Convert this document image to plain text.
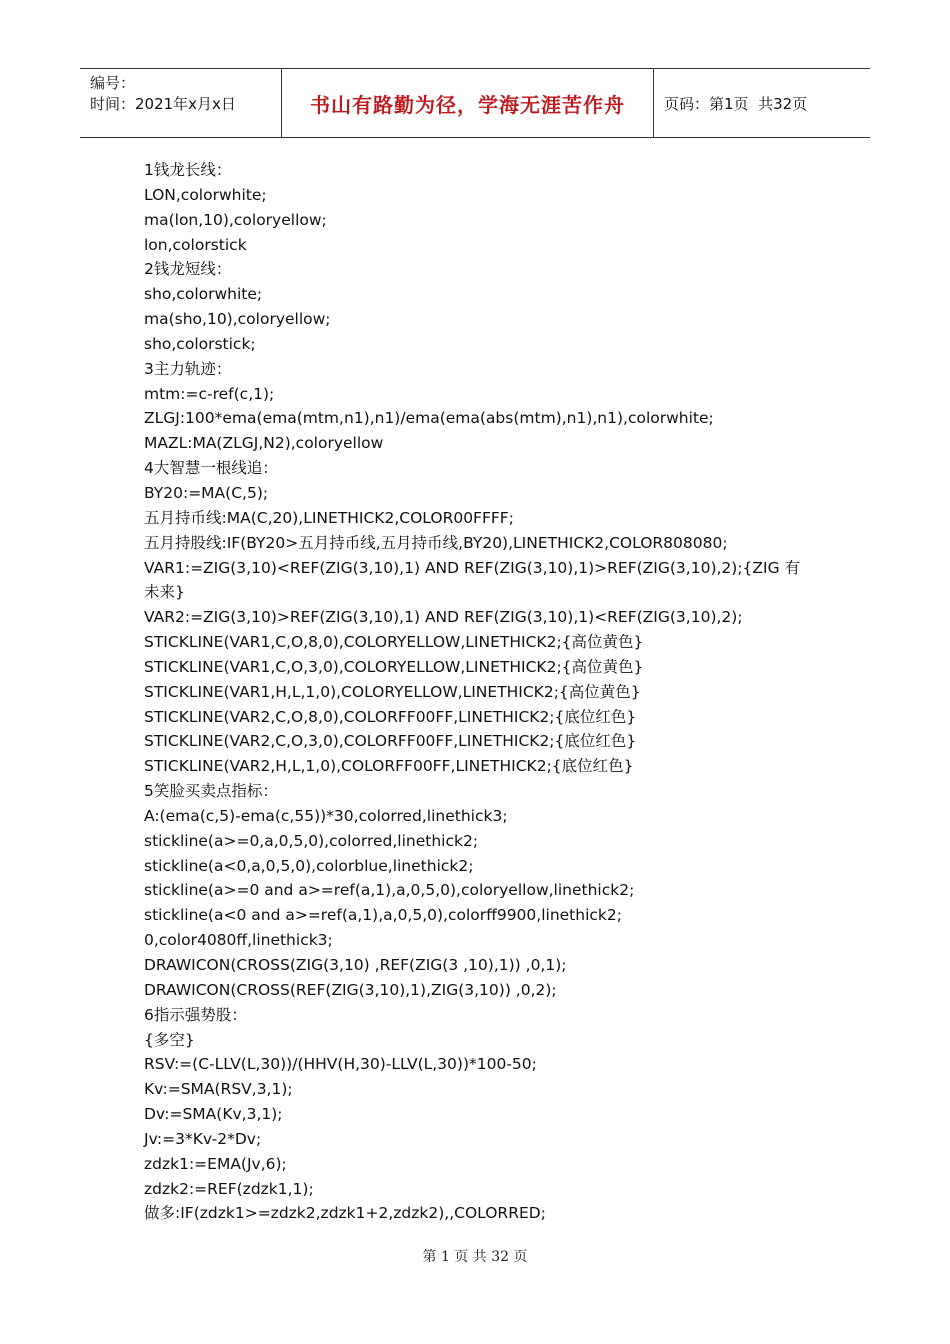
编号：
时间：2021年x月x日	书山有路勤为径，学海无涯苦作舟	页码：第1页  共32页
1钱龙长线：
LON,colorwhite;
ma(lon,10),coloryellow;
lon,colorstick
2钱龙短线：
sho,colorwhite;
ma(sho,10),coloryellow;
sho,colorstick;
3主力轨迹：
mtm:=c-ref(c,1);
ZLGJ:100*ema(ema(mtm,n1),n1)/ema(ema(abs(mtm),n1),n1),colorwhite;
MAZL:MA(ZLGJ,N2),coloryellow
4大智慧一根线追：
BY20:=MA(C,5);
五月持币线:MA(C,20),LINETHICK2,COLOR00FFFF;
五月持股线:IF(BY20>五月持币线,五月持币线,BY20),LINETHICK2,COLOR808080;
VAR1:=ZIG(3,10)<REF(ZIG(3,10),1) AND REF(ZIG(3,10),1)>REF(ZIG(3,10),2);{ZIG 有未来}
VAR2:=ZIG(3,10)>REF(ZIG(3,10),1) AND REF(ZIG(3,10),1)<REF(ZIG(3,10),2);
STICKLINE(VAR1,C,O,8,0),COLORYELLOW,LINETHICK2;{高位黄色}
STICKLINE(VAR1,C,O,3,0),COLORYELLOW,LINETHICK2;{高位黄色}
STICKLINE(VAR1,H,L,1,0),COLORYELLOW,LINETHICK2;{高位黄色}
STICKLINE(VAR2,C,O,8,0),COLORFF00FF,LINETHICK2;{底位红色}
STICKLINE(VAR2,C,O,3,0),COLORFF00FF,LINETHICK2;{底位红色}
STICKLINE(VAR2,H,L,1,0),COLORFF00FF,LINETHICK2;{底位红色}
5笑脸买卖点指标：
A:(ema(c,5)-ema(c,55))*30,colorred,linethick3;
stickline(a>=0,a,0,5,0),colorred,linethick2;
stickline(a<0,a,0,5,0),colorblue,linethick2;
stickline(a>=0 and a>=ref(a,1),a,0,5,0),coloryellow,linethick2;
stickline(a<0 and a>=ref(a,1),a,0,5,0),colorff9900,linethick2;
0,color4080ff,linethick3;
DRAWICON(CROSS(ZIG(3,10) ,REF(ZIG(3 ,10),1)) ,0,1);
DRAWICON(CROSS(REF(ZIG(3,10),1),ZIG(3,10)) ,0,2);
6指示强势股：
{多空}
RSV:=(C-LLV(L,30))/(HHV(H,30)-LLV(L,30))*100-50;
Kv:=SMA(RSV,3,1);
Dv:=SMA(Kv,3,1);
Jv:=3*Kv-2*Dv;
zdzk1:=EMA(Jv,6);
zdzk2:=REF(zdzk1,1);
做多:IF(zdzk1>=zdzk2,zdzk1+2,zdzk2),,COLORRED;
第 1 页 共 32 页
